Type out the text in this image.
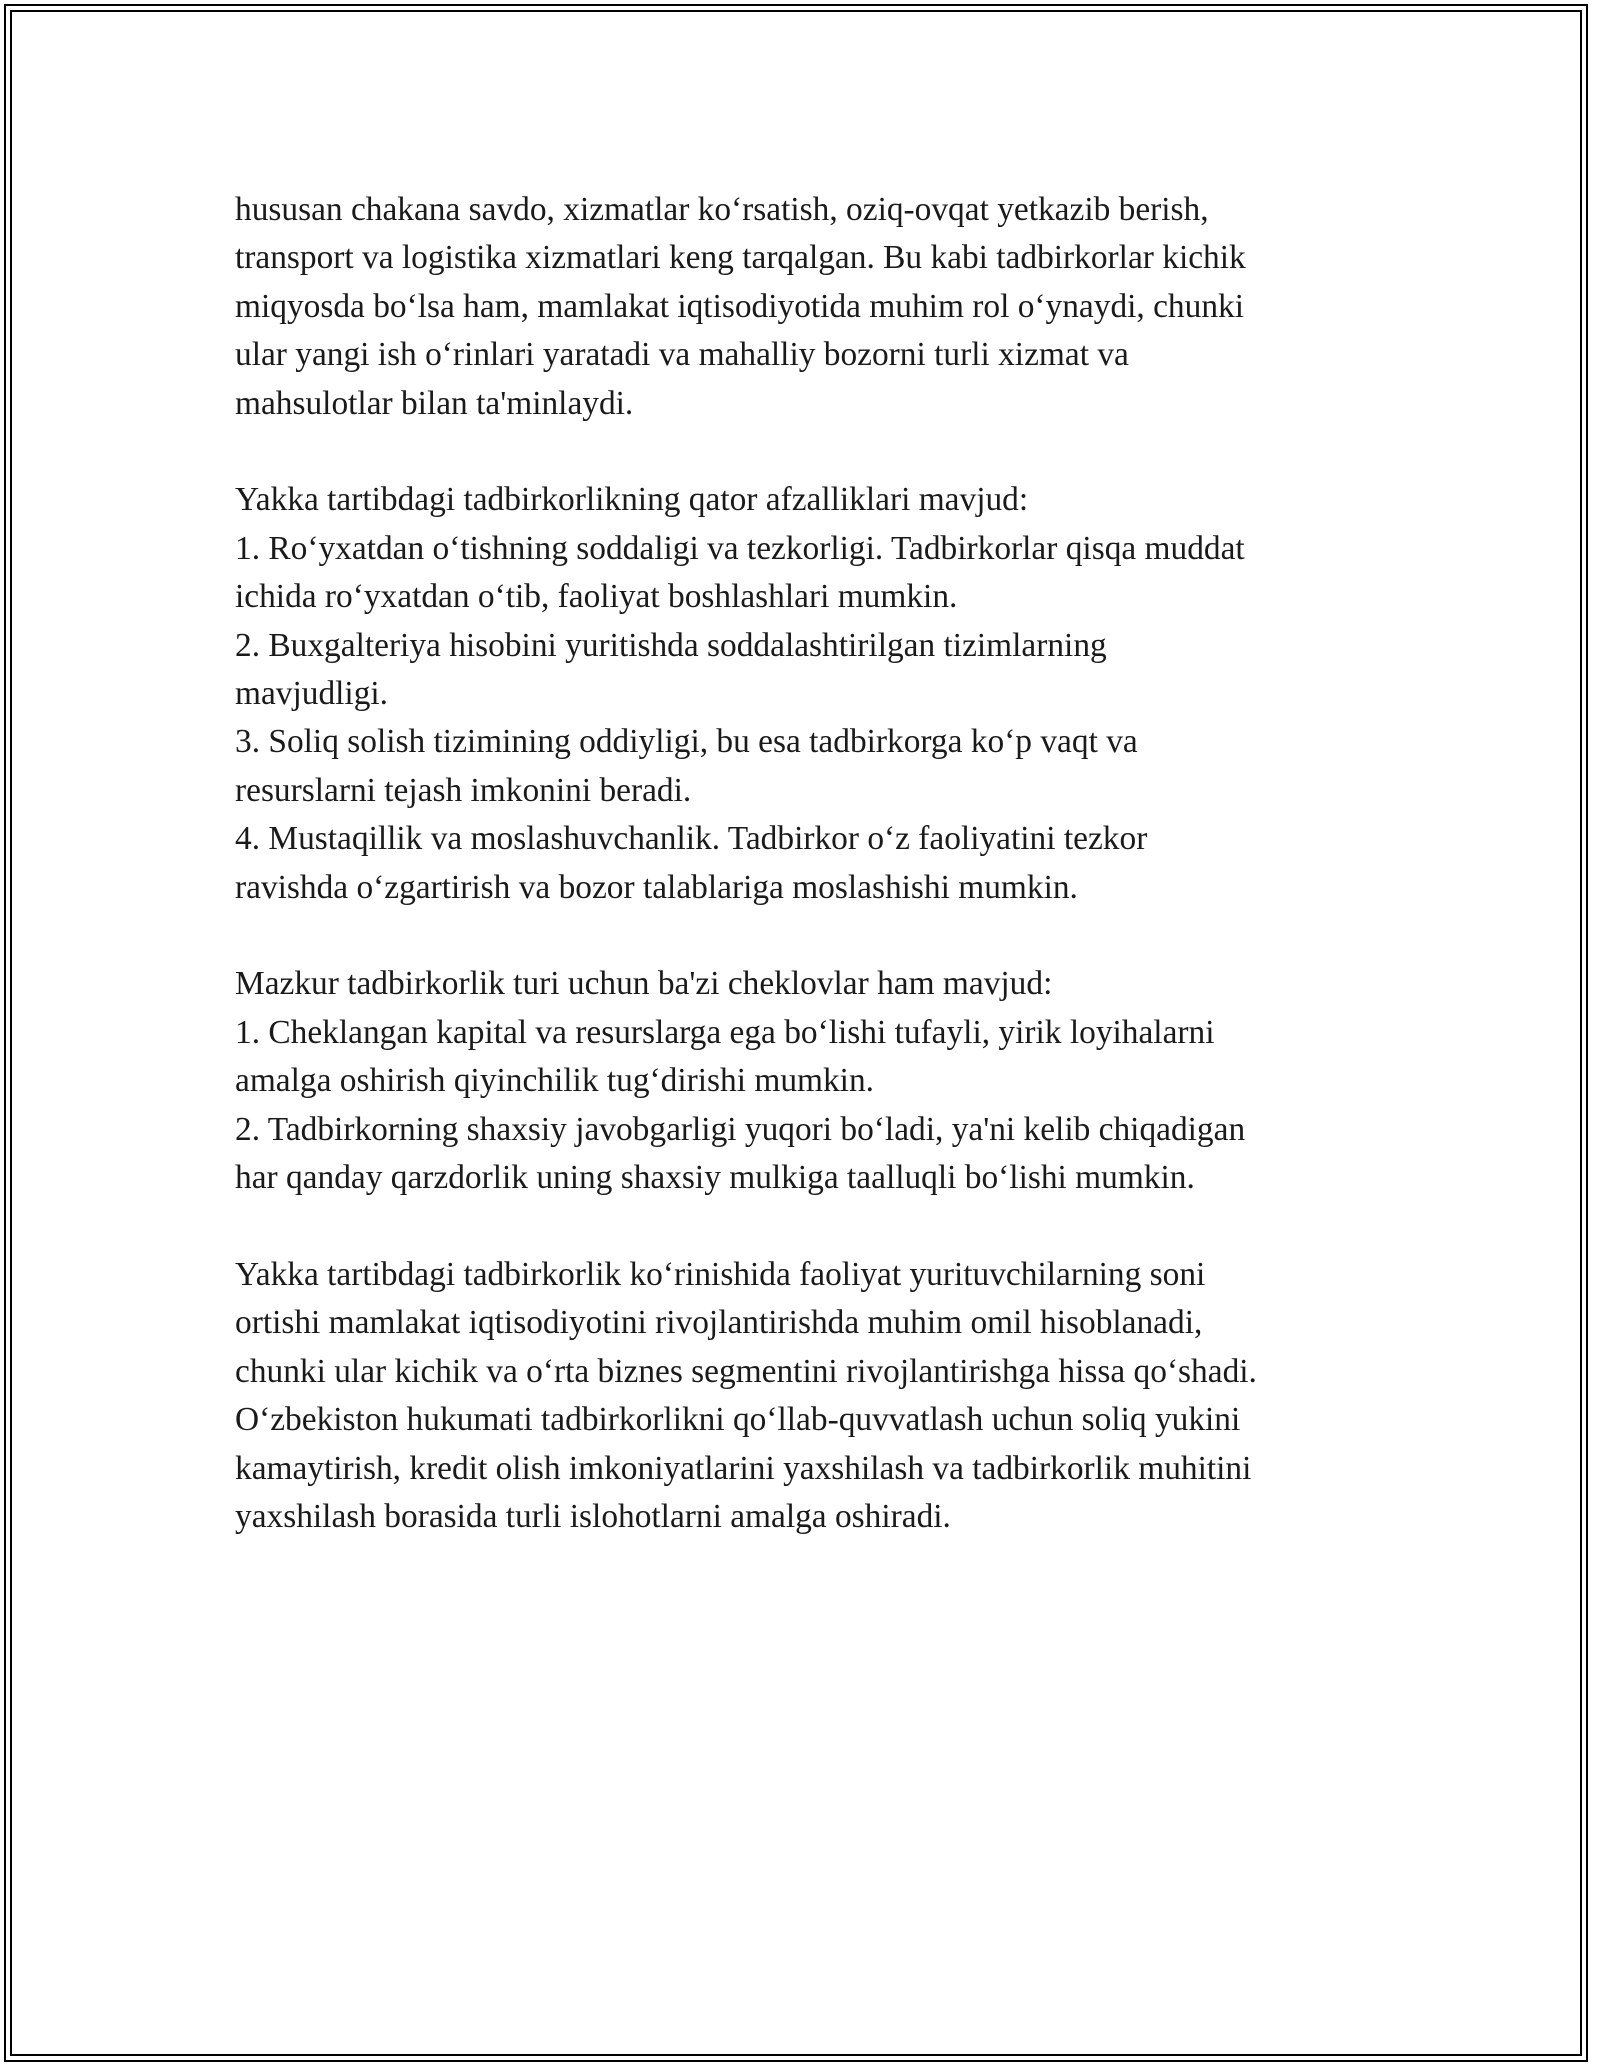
hususan chakana savdo, xizmatlar ko‘rsatish, oziq-ovqat yetkazib berish,
transport va logistika xizmatlari keng tarqalgan. Bu kabi tadbirkorlar kichik
miqyosda bo‘lsa ham, mamlakat iqtisodiyotida muhim rol o‘ynaydi, chunki
ular yangi ish o‘rinlari yaratadi va mahalliy bozorni turli xizmat va
mahsulotlar bilan ta'minlaydi.
Yakka tartibdagi tadbirkorlikning qator afzalliklari mavjud:
1. Ro‘yxatdan o‘tishning soddaligi va tezkorligi. Tadbirkorlar qisqa muddat
ichida ro‘yxatdan o‘tib, faoliyat boshlashlari mumkin.
2. Buxgalteriya hisobini yuritishda soddalashtirilgan tizimlarning
mavjudligi.
3. Soliq solish tizimining oddiyligi, bu esa tadbirkorga ko‘p vaqt va
resurslarni tejash imkonini beradi.
4. Mustaqillik va moslashuvchanlik. Tadbirkor o‘z faoliyatini tezkor
ravishda o‘zgartirish va bozor talablariga moslashishi mumkin.
Mazkur tadbirkorlik turi uchun ba'zi cheklovlar ham mavjud:
1. Cheklangan kapital va resurslarga ega bo‘lishi tufayli, yirik loyihalarni
amalga oshirish qiyinchilik tug‘dirishi mumkin.
2. Tadbirkorning shaxsiy javobgarligi yuqori bo‘ladi, ya'ni kelib chiqadigan
har qanday qarzdorlik uning shaxsiy mulkiga taalluqli bo‘lishi mumkin.
Yakka tartibdagi tadbirkorlik ko‘rinishida faoliyat yurituvchilarning soni
ortishi mamlakat iqtisodiyotini rivojlantirishda muhim omil hisoblanadi,
chunki ular kichik va o‘rta biznes segmentini rivojlantirishga hissa qo‘shadi.
O‘zbekiston hukumati tadbirkorlikni qo‘llab-quvvatlash uchun soliq yukini
kamaytirish, kredit olish imkoniyatlarini yaxshilash va tadbirkorlik muhitini
yaxshilash borasida turli islohotlarni amalga oshiradi.
